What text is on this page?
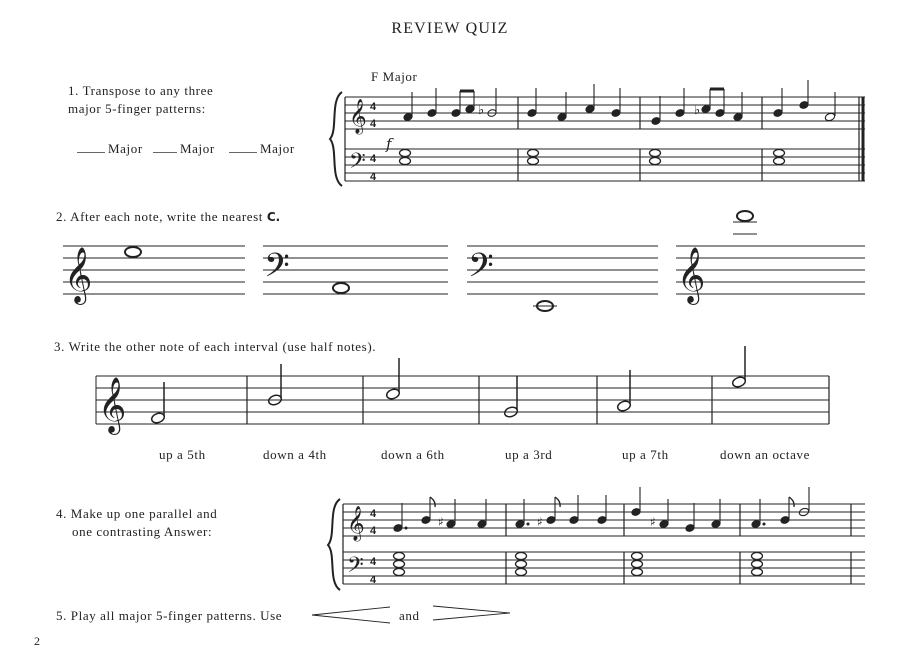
REVIEW QUIZ
1. Transpose to any three
major 5-finger patterns:
Major	Major	Major
F Major
2. After each note, write the nearest C.
3. Write the other note of each interval (use half notes).
up a 5th	down a 4th	down a 6th	up a 3rd	up a 7th	down an octave
4. Make up one parallel and
one contrasting Answer:
5. Play all major 5-finger patterns. Use	and
2
𝄞
𝄢
4
4
4
4
f
♭	♭
𝄞	𝄢	𝄢	𝄞
𝄞
𝄞
𝄢
4
4
4
4
♯	♯	♯
